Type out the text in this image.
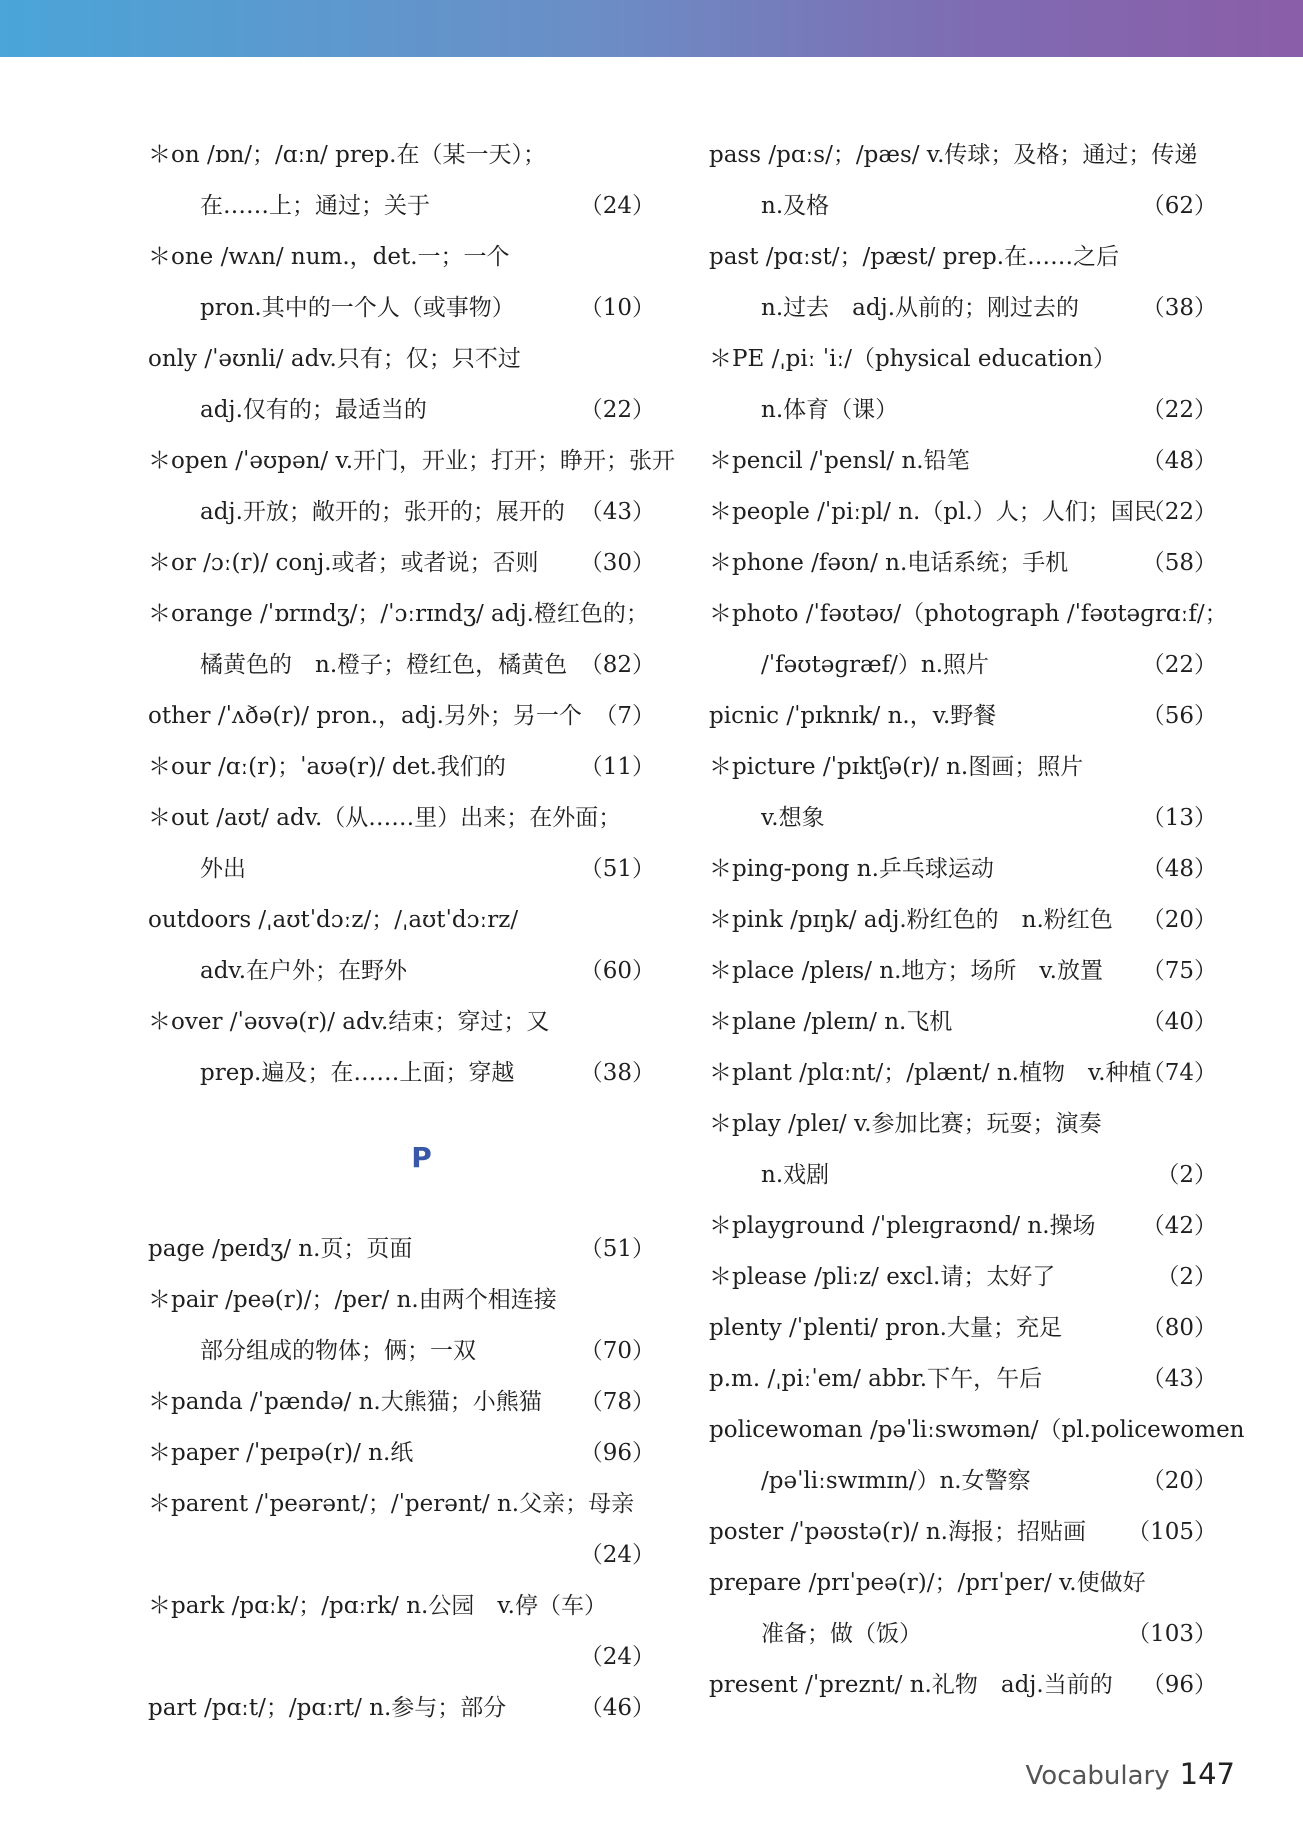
＊on /ɒn/；/ɑːn/ prep.在（某一天）；
在……上；通过；关于	（24）
＊one /wʌn/ num.，det.一；一个
pron.其中的一个人（或事物）	（10）
only /ˈəʊnli/ adv.只有；仅；只不过
adj.仅有的；最适当的	（22）
＊open /ˈəʊpən/ v.开门，开业；打开；睁开；张开
adj.开放；敞开的；张开的；展开的 （43）
＊or /ɔː(r)/ conj.或者；或者说；否则 （30）
＊orange /ˈɒrɪndʒ/；/ˈɔːrɪndʒ/ adj.橙红色的；
橘黄色的　n.橙子；橙红色，橘黄色 （82）
other /ˈʌðə(r)/ pron.，adj.另外；另一个 （7）
＊our /ɑː(r)；ˈaʊə(r)/ det.我们的	（11）
＊out /aʊt/ adv.（从……里）出来；在外面；
外出	（51）
outdoors /ˌaʊtˈdɔːz/；/ˌaʊtˈdɔːrz/
adv.在户外；在野外	（60）
＊over /ˈəʊvə(r)/ adv.结束；穿过；又
prep.遍及；在……上面；穿越	（38）
P
page /peɪdʒ/ n.页；页面	（51）
＊pair /peə(r)/；/per/ n.由两个相连接
部分组成的物体；俩；一双	（70）
＊panda /ˈpændə/ n.大熊猫；小熊猫 （78）
＊paper /ˈpeɪpə(r)/ n.纸	（96）
＊parent /ˈpeərənt/；/ˈperənt/ n.父亲；母亲
（24）
＊park /pɑːk/；/pɑːrk/ n.公园　v.停（车）
（24）
part /pɑːt/；/pɑːrt/ n.参与；部分	（46）
pass /pɑːs/；/pæs/ v.传球；及格；通过；传递
n.及格	（62）
past /pɑːst/；/pæst/ prep.在……之后
n.过去　adj.从前的；刚过去的	（38）
＊PE /ˌpiː ˈiː/（physical education）
n.体育（课）	（22）
＊pencil /ˈpensl/ n.铅笔	（48）
＊people /ˈpiːpl/ n.（pl.）人；人们；国民
（22）
＊phone /fəʊn/ n.电话系统；手机	（58）
＊photo /ˈfəʊtəʊ/（photograph /ˈfəʊtəɡrɑːf/；
/ˈfəʊtəɡræf/）n.照片	（22）
picnic /ˈpɪknɪk/ n.，v.野餐	（56）
＊picture /ˈpɪktʃə(r)/ n.图画；照片
v.想象	（13）
＊ping-pong n.乒乓球运动	（48）
＊pink /pɪŋk/ adj.粉红色的　n.粉红色 （20）
＊place /pleɪs/ n.地方；场所　v.放置 （75）
＊plane /pleɪn/ n.飞机	（40）
＊plant /plɑːnt/；/plænt/ n.植物　v.种植
（74）
＊play /pleɪ/ v.参加比赛；玩耍；演奏
n.戏剧	（2）
＊playground /ˈpleɪɡraʊnd/ n.操场 （42）
＊please /pliːz/ excl.请；太好了	（2）
plenty /ˈplenti/ pron.大量；充足	（80）
p.m. /ˌpiːˈem/ abbr.下午，午后	（43）
policewoman /pəˈliːswʊmən/（pl.policewomen
/pəˈliːswɪmɪn/）n.女警察	（20）
poster /ˈpəʊstə(r)/ n.海报；招贴画 （105）
prepare /prɪˈpeə(r)/；/prɪˈper/ v.使做好
准备；做（饭）	（103）
present /ˈpreznt/ n.礼物　adj.当前的 （96）
Vocabulary 147
